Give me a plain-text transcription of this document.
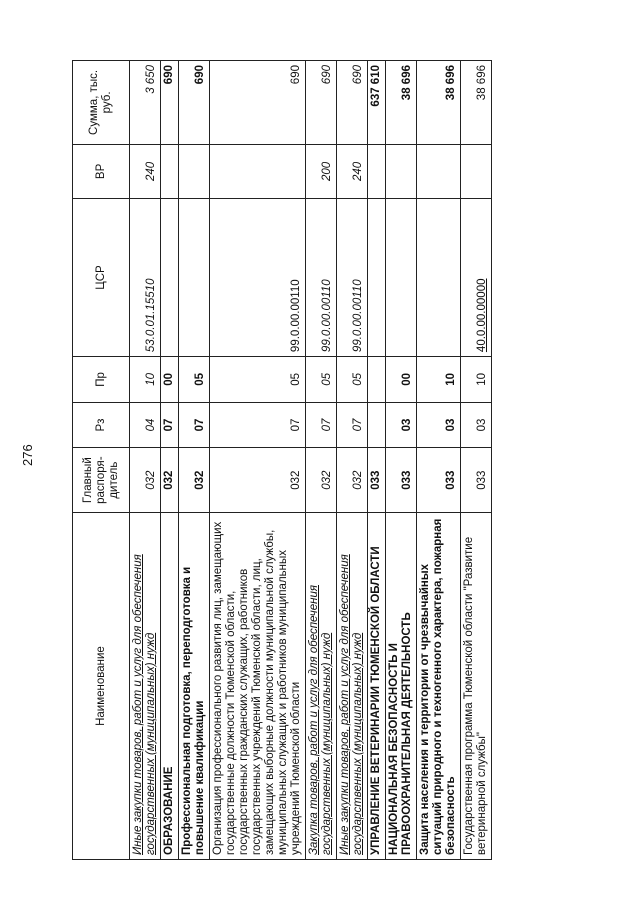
276
Наименование	Главный распоря-дитель	Рз	Пр	ЦСР	ВР	Сумма, тыс. руб.
Иные закупки товаров, работ и услуг для обеспечения государственных (муниципальных) нужд	032	04	10	53.0.01.15510	240	3 650
ОБРАЗОВАНИЕ	032	07	00			690
Профессиональная подготовка, переподготовка и повышение квалификации	032	07	05			690
Организация профессионального развития лиц, замещающих государственные должности Тюменской области, государственных гражданских служащих, работников государственных учреждений Тюменской области, лиц, замещающих выборные должности муниципальной службы, муниципальных служащих и работников муниципальных учреждений Тюменской области	032	07	05	99.0.00.00110		690
Закупка товаров, работ и услуг для обеспечения государственных (муниципальных) нужд	032	07	05	99.0.00.00110	200	690
Иные закупки товаров, работ и услуг для обеспечения государственных (муниципальных) нужд	032	07	05	99.0.00.00110	240	690
УПРАВЛЕНИЕ ВЕТЕРИНАРИИ ТЮМЕНСКОЙ ОБЛАСТИ	033					637 610
НАЦИОНАЛЬНАЯ БЕЗОПАСНОСТЬ И ПРАВООХРАНИТЕЛЬНАЯ ДЕЯТЕЛЬНОСТЬ	033	03	00			38 696
Защита населения и территории от чрезвычайных ситуаций природного и техногенного характера, пожарная безопасность	033	03	10			38 696
Государственная программа Тюменской области "Развитие ветеринарной службы"	033	03	10	40.0.00.00000		38 696
